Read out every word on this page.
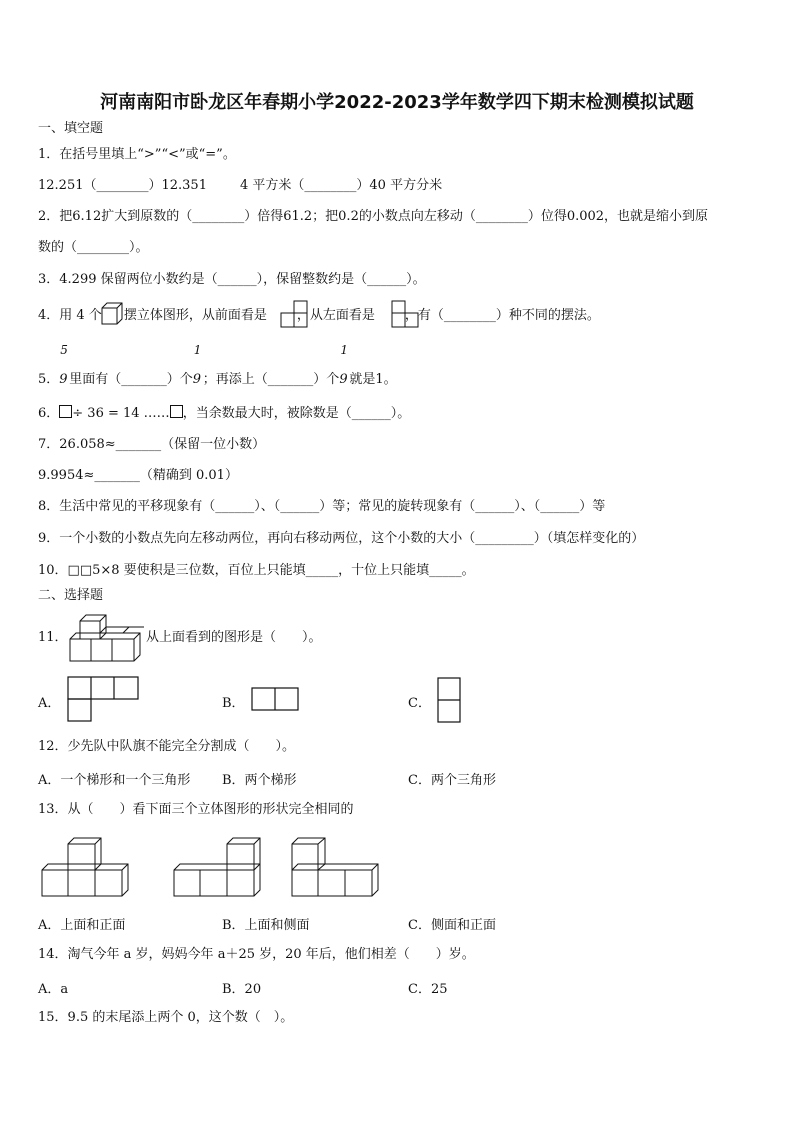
河南南阳市卧龙区年春期小学2022-2023学年数学四下期末检测模拟试题
一、填空题
1．在括号里填上“>”“<”或“=”。
12.251（________）12.351	4 平方米（________）40 平方分米
2．把6.12扩大到原数的（________）倍得61.2；把0.2的小数点向左移动（________）位得0.002，也就是缩小到原
数的（________）。
3．4.299 保留两位小数约是（______），保留整数约是（______）。
4．用 4 个 摆立体图形，从前面看是 ，从左面看是 ，有（________）种不同的摆法。
5．
5
9 里面有（_______）个
1
9 ；再添上（_______）个
1
9 就是1。
6． ÷ 36 = 14 …… ，当余数最大时，被除数是（______）。
7．26.058≈_______（保留一位小数）
9.9954≈_______（精确到 0.01）
8．生活中常见的平移现象有（______）、（______）等；常见的旋转现象有（______）、（______）等
9．一个小数的小数点先向左移动两位，再向右移动两位，这个小数的大小（_________）（填怎样变化的）
10．□□5×8 要使积是三位数，百位上只能填_____，十位上只能填_____。
二、选择题
11．	从上面看到的图形是（　　）。
A．	B．	C．
12．少先队中队旗不能完全分割成（　　）。
A．一个梯形和一个三角形 B．两个梯形	C．两个三角形
13．从（　　）看下面三个立体图形的形状完全相同的
A．上面和正面	B．上面和侧面	C．侧面和正面
14．淘气今年 a 岁，妈妈今年 a＋25 岁，20 年后，他们相差（　　）岁。
A．a	B．20	C．25
15．9.5 的末尾添上两个 0，这个数（　）。
